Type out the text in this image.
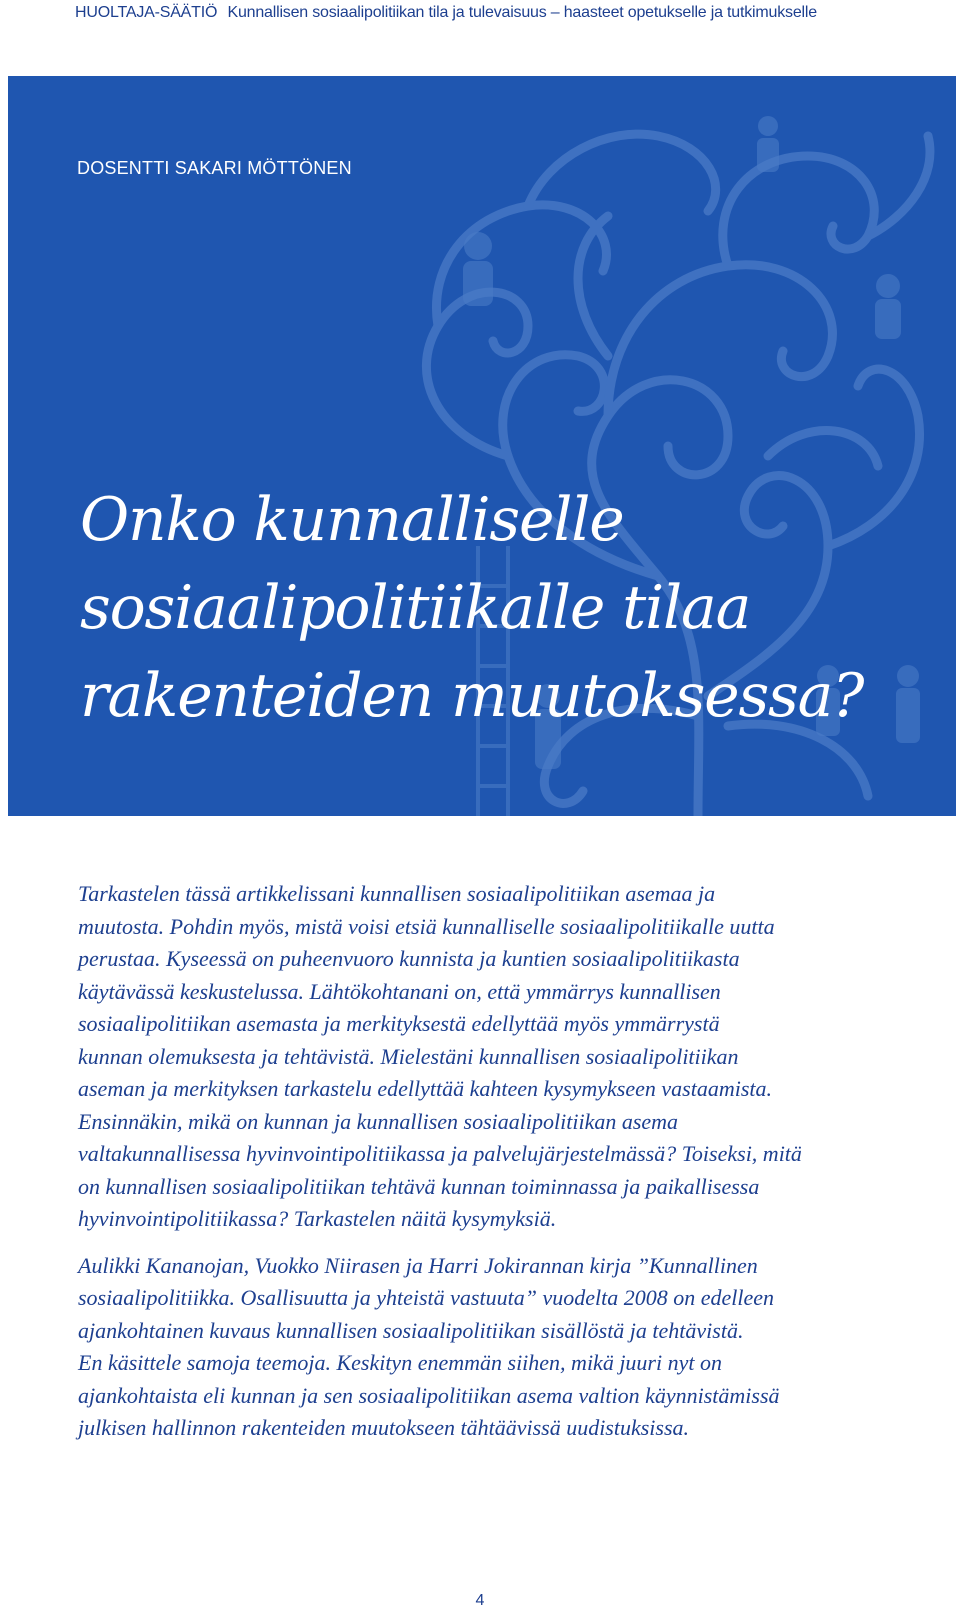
HUOLTAJA-SÄÄTIÖ Kunnallisen sosiaalipolitiikan tila ja tulevaisuus – haasteet opetukselle ja tutkimukselle
DOSENTTI SAKARI MÖTTÖNEN
Onko kunnalliselle
sosiaalipolitiikalle tilaa
rakenteiden muutoksessa?

Tarkastelen tässä artikkelissani kunnallisen sosiaalipolitiikan asemaa ja
muutosta. Pohdin myös, mistä voisi etsiä kunnalliselle sosiaalipolitiikalle uutta
perustaa. Kyseessä on puheenvuoro kunnista ja kuntien sosiaalipolitiikasta
käytävässä keskustelussa. Lähtökohtanani on, että ymmärrys kunnallisen
sosiaalipolitiikan asemasta ja merkityksestä edellyttää myös ymmärrystä
kunnan olemuksesta ja tehtävistä. Mielestäni kunnallisen sosiaalipolitiikan
aseman ja merkityksen tarkastelu edellyttää kahteen kysymykseen vastaamista.
Ensinnäkin, mikä on kunnan ja kunnallisen sosiaalipolitiikan asema
valtakunnallisessa hyvinvointipolitiikassa ja palvelujärjestelmässä? Toiseksi, mitä
on kunnallisen sosiaalipolitiikan tehtävä kunnan toiminnassa ja paikallisessa
hyvinvointipolitiikassa? Tarkastelen näitä kysymyksiä.

Aulikki Kananojan, Vuokko Niirasen ja Harri Jokirannan kirja ”Kunnallinen
sosiaalipolitiikka. Osallisuutta ja yhteistä vastuuta” vuodelta 2008 on edelleen
ajankohtainen kuvaus kunnallisen sosiaalipolitiikan sisällöstä ja tehtävistä.
En käsittele samoja teemoja. Keskityn enemmän siihen, mikä juuri nyt on
ajankohtaista eli kunnan ja sen sosiaalipolitiikan asema valtion käynnistämissä
julkisen hallinnon rakenteiden muutokseen tähtäävissä uudistuksissa.

4
